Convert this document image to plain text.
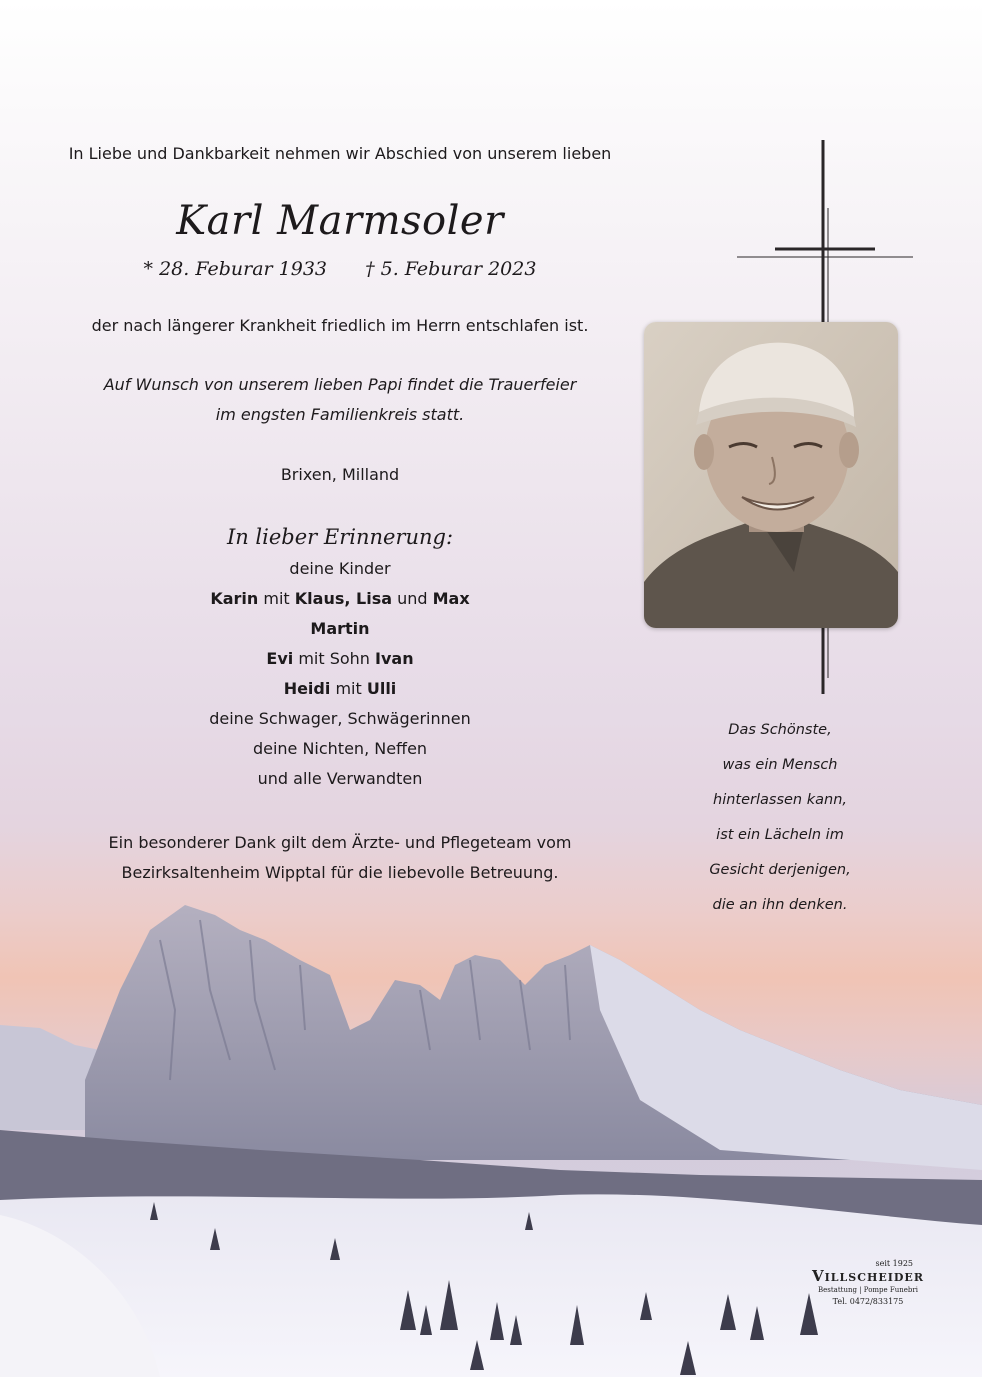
In Liebe und Dankbarkeit nehmen wir Abschied von unserem lieben
Karl Marmsoler
* 28. Feburar 1933 † 5. Feburar 2023
der nach längerer Krankheit friedlich im Herrn entschlafen ist.
Auf Wunsch von unserem lieben Papi findet die Trauerfeier
im engsten Familienkreis statt.
Brixen, Milland
In lieber Erinnerung:
deine Kinder
Karin mit Klaus, Lisa und Max
Martin
Evi mit Sohn Ivan
Heidi mit Ulli
deine Schwager, Schwägerinnen
deine Nichten, Neffen
und alle Verwandten
Ein besonderer Dank gilt dem Ärzte- und Pflegeteam vom
Bezirksaltenheim Wipptal für die liebevolle Betreuung.
Das Schönste,
was ein Mensch
hinterlassen kann,
ist ein Lächeln im
Gesicht derjenigen,
die an ihn denken.
seit 1925
Villscheider
Bestattung | Pompe Funebri
Tel. 0472/833175
